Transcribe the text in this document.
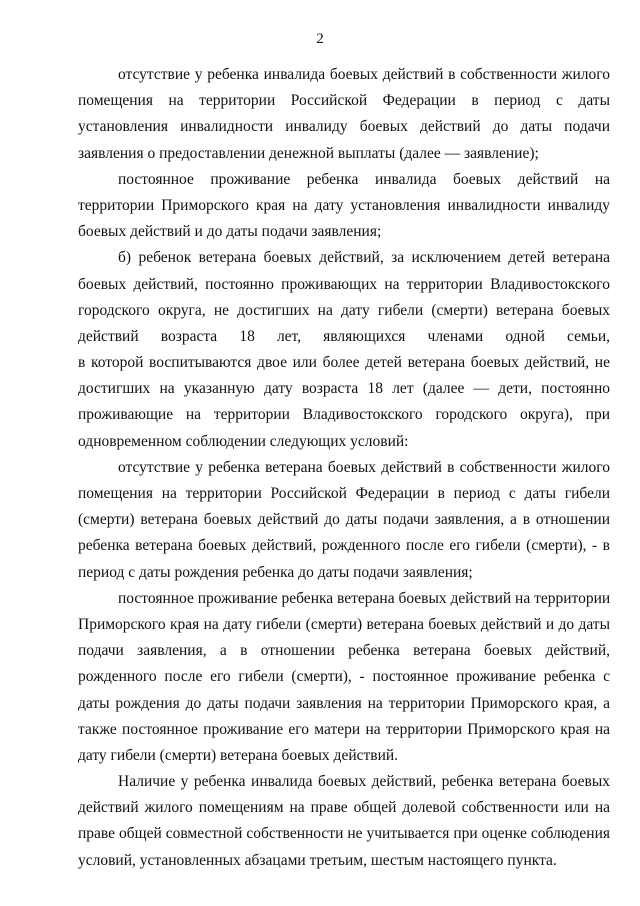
2
отсутствие у ребенка инвалида боевых действий в собственности жилого
помещения на территории Российской Федерации в период с даты
установления инвалидности инвалиду боевых действий до даты подачи
заявления о предоставлении денежной выплаты (далее — заявление);
постоянное проживание ребенка инвалида боевых действий на
территории Приморского края на дату установления инвалидности инвалиду
боевых действий и до даты подачи заявления;
б) ребенок ветерана боевых действий, за исключением детей ветерана
боевых действий, постоянно проживающих на территории Владивостокского
городского округа, не достигших на дату гибели (смерти) ветерана боевых
действий возраста 18 лет, являющихся членами одной семьи,
в которой воспитываются двое или более детей ветерана боевых действий, не
достигших на указанную дату возраста 18 лет (далее — дети, постоянно
проживающие на территории Владивостокского городского округа), при
одновременном соблюдении следующих условий:
отсутствие у ребенка ветерана боевых действий в собственности жилого
помещения на территории Российской Федерации в период с даты гибели
(смерти) ветерана боевых действий до даты подачи заявления, а в отношении
ребенка ветерана боевых действий, рожденного после его гибели (смерти), - в
период с даты рождения ребенка до даты подачи заявления;
постоянное проживание ребенка ветерана боевых действий на территории
Приморского края на дату гибели (смерти) ветерана боевых действий и до даты
подачи заявления, а в отношении ребенка ветерана боевых действий,
рожденного после его гибели (смерти), - постоянное проживание ребенка с
даты рождения до даты подачи заявления на территории Приморского края, а
также постоянное проживание его матери на территории Приморского края на
дату гибели (смерти) ветерана боевых действий.
Наличие у ребенка инвалида боевых действий, ребенка ветерана боевых
действий жилого помещениям на праве общей долевой собственности или на
праве общей совместной собственности не учитывается при оценке соблюдения
условий, установленных абзацами третьим, шестым настоящего пункта.
